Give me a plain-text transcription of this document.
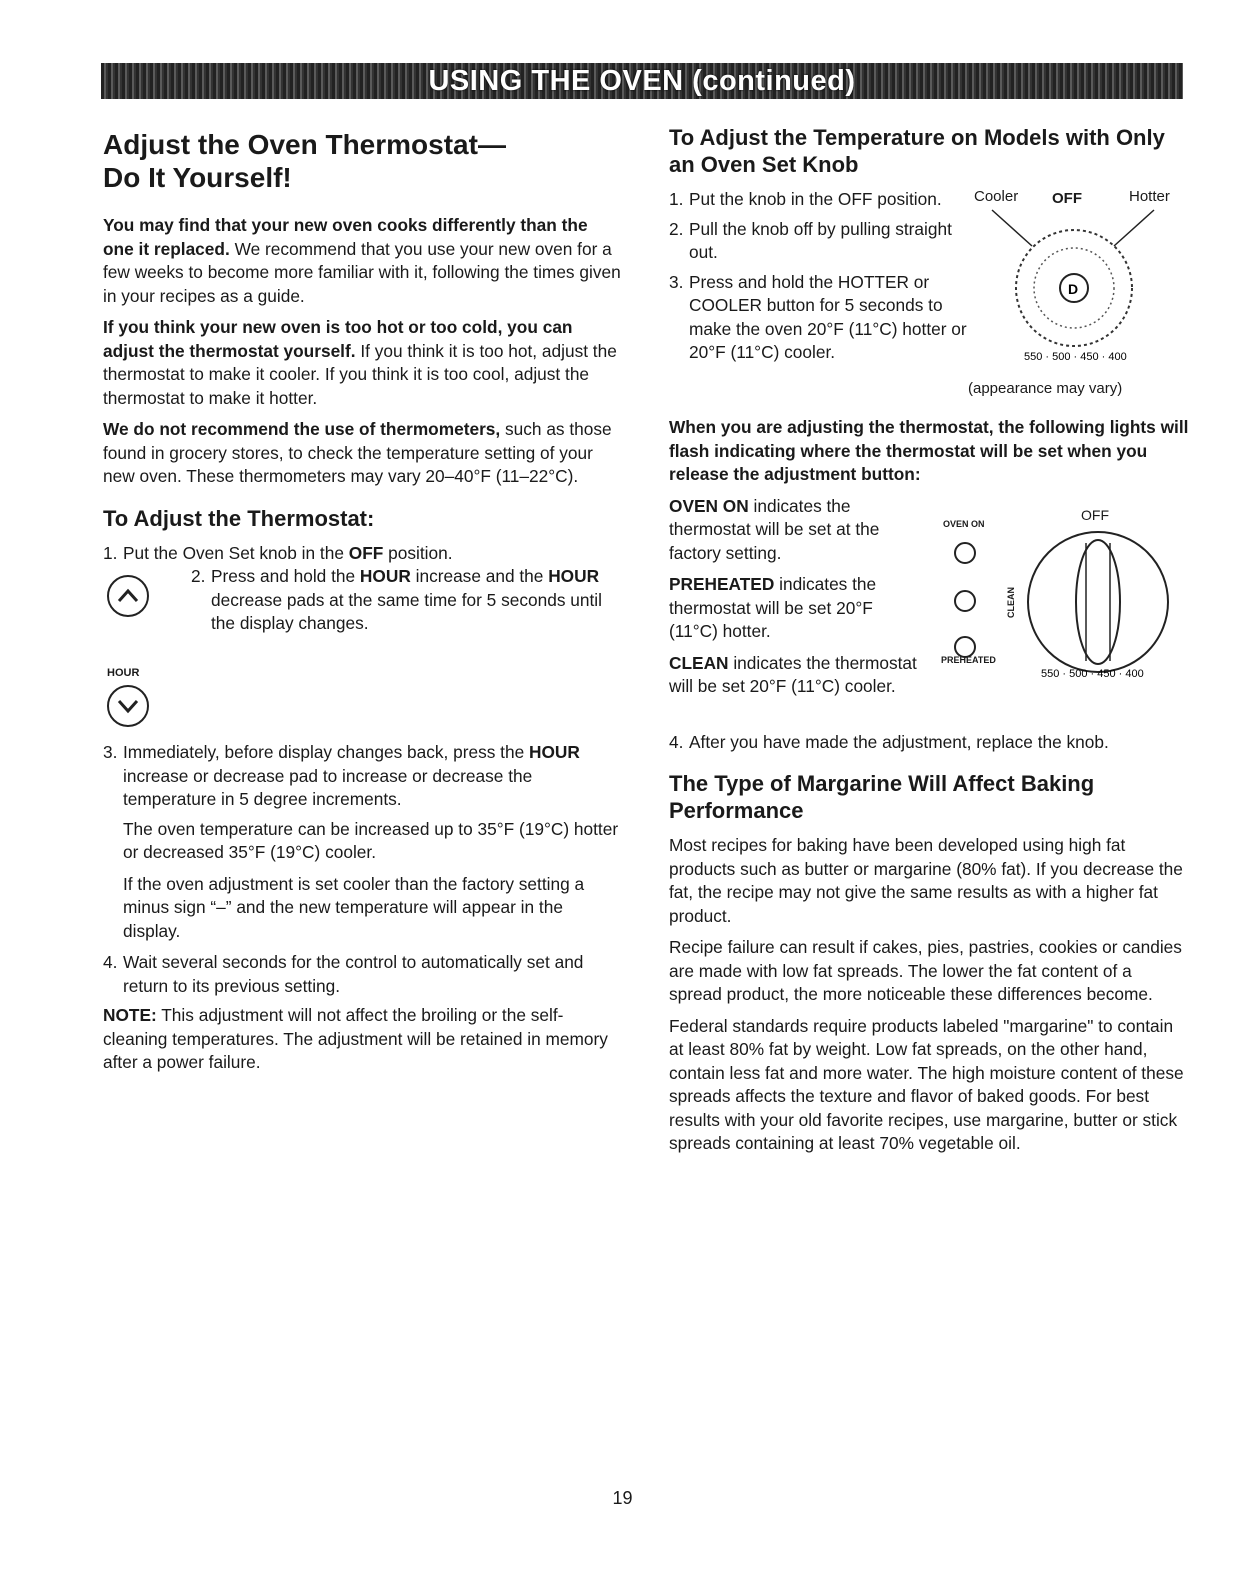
USING THE OVEN (continued)
Adjust the Oven Thermostat—
Do It Yourself!

You may find that your new oven cooks differently than the one it replaced. We recommend that you use your new oven for a few weeks to become more familiar with it, following the times given in your recipes as a guide.

If you think your new oven is too hot or too cold, you can adjust the thermostat yourself. If you think it is too hot, adjust the thermostat to make it cooler. If you think it is too cool, adjust the thermostat to make it hotter.

We do not recommend the use of thermometers, such as those found in grocery stores, to check the temperature setting of your new oven. These thermometers may vary 20–40°F (11–22°C).

To Adjust the Thermostat:
1. Put the Oven Set knob in the OFF position.
HOUR
2. Press and hold the HOUR increase and the HOUR decrease pads at the same time for 5 seconds until the display changes.
3. Immediately, before display changes back, press the HOUR increase or decrease pad to increase or decrease the temperature in 5 degree increments.

The oven temperature can be increased up to 35°F (19°C) hotter or decreased 35°F (19°C) cooler.

If the oven adjustment is set cooler than the factory setting a minus sign “–” and the new temperature will appear in the display.

4. Wait several seconds for the control to automatically set and return to its previous setting.

NOTE: This adjustment will not affect the broiling or the self-cleaning temperatures. The adjustment will be retained in memory after a power failure.

To Adjust the Temperature on Models with Only an Oven Set Knob
1. Put the knob in the OFF position.
2. Pull the knob off by pulling straight out.
3. Press and hold the HOTTER or COOLER button for 5 seconds to make the oven 20°F (11°C) hotter or 20°F (11°C) cooler.
Cooler OFF	Hotter
D
550 · 500 · 450 · 400
(appearance may vary)

When you are adjusting the thermostat, the following lights will flash indicating where the thermostat will be set when you release the adjustment button:

OVEN ON indicates the thermostat will be set at the factory setting.

PREHEATED indicates the thermostat will be set 20°F (11°C) hotter.

CLEAN indicates the thermostat will be set 20°F (11°C) cooler.

OVEN ON
OFF
PREHEATED
CLEAN
550 · 500 · 450 · 400
4. After you have made the adjustment, replace the knob.
The Type of Margarine Will Affect Baking Performance

Most recipes for baking have been developed using high fat products such as butter or margarine (80% fat). If you decrease the fat, the recipe may not give the same results as with a higher fat product.

Recipe failure can result if cakes, pies, pastries, cookies or candies are made with low fat spreads. The lower the fat content of a spread product, the more noticeable these differences become.

Federal standards require products labeled "margarine" to contain at least 80% fat by weight. Low fat spreads, on the other hand, contain less fat and more water. The high moisture content of these spreads affects the texture and flavor of baked goods. For best results with your old favorite recipes, use margarine, butter or stick spreads containing at least 70% vegetable oil.

19
